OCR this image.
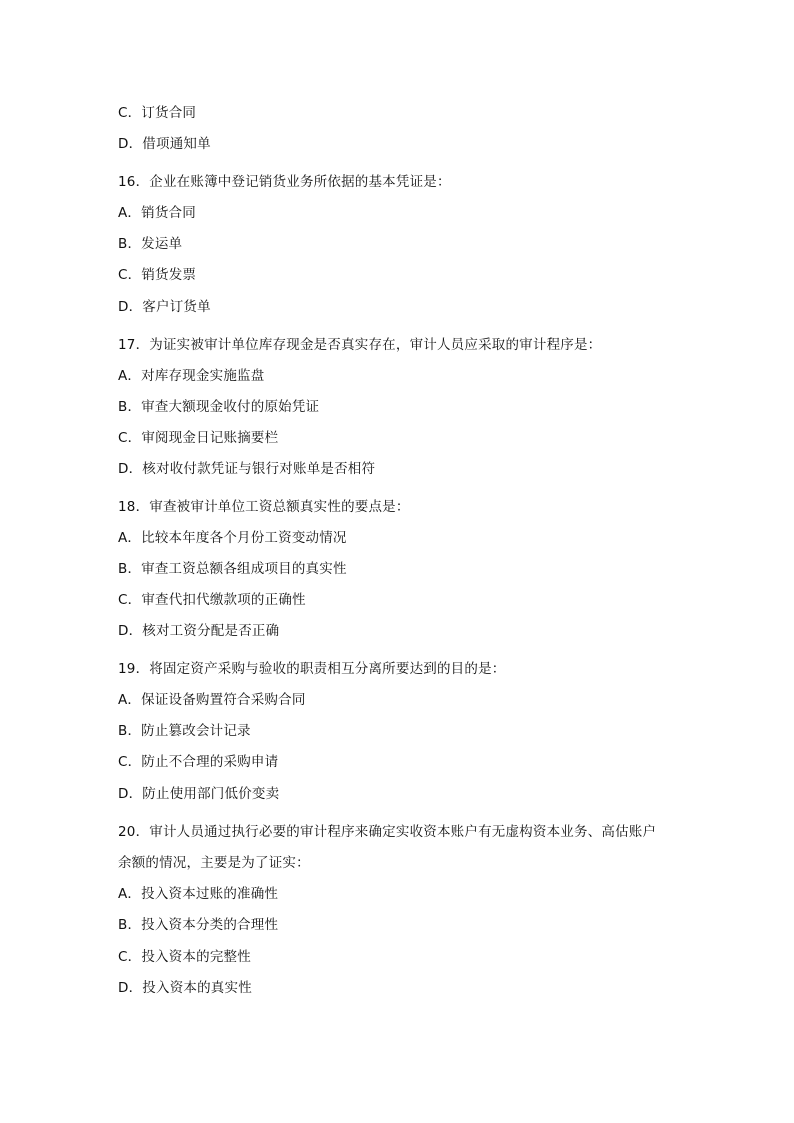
C．订货合同
D．借项通知单
16．企业在账簿中登记销货业务所依据的基本凭证是：
A．销货合同
B．发运单
C．销货发票
D．客户订货单
17．为证实被审计单位库存现金是否真实存在，审计人员应采取的审计程序是：
A．对库存现金实施监盘
B．审查大额现金收付的原始凭证
C．审阅现金日记账摘要栏
D．核对收付款凭证与银行对账单是否相符
18．审查被审计单位工资总额真实性的要点是：
A．比较本年度各个月份工资变动情况
B．审查工资总额各组成项目的真实性
C．审查代扣代缴款项的正确性
D．核对工资分配是否正确
19．将固定资产采购与验收的职责相互分离所要达到的目的是：
A．保证设备购置符合采购合同
B．防止篡改会计记录
C．防止不合理的采购申请
D．防止使用部门低价变卖
20．审计人员通过执行必要的审计程序来确定实收资本账户有无虚构资本业务、高估账户
余额的情况，主要是为了证实：
A．投入资本过账的准确性
B．投入资本分类的合理性
C．投入资本的完整性
D．投入资本的真实性
